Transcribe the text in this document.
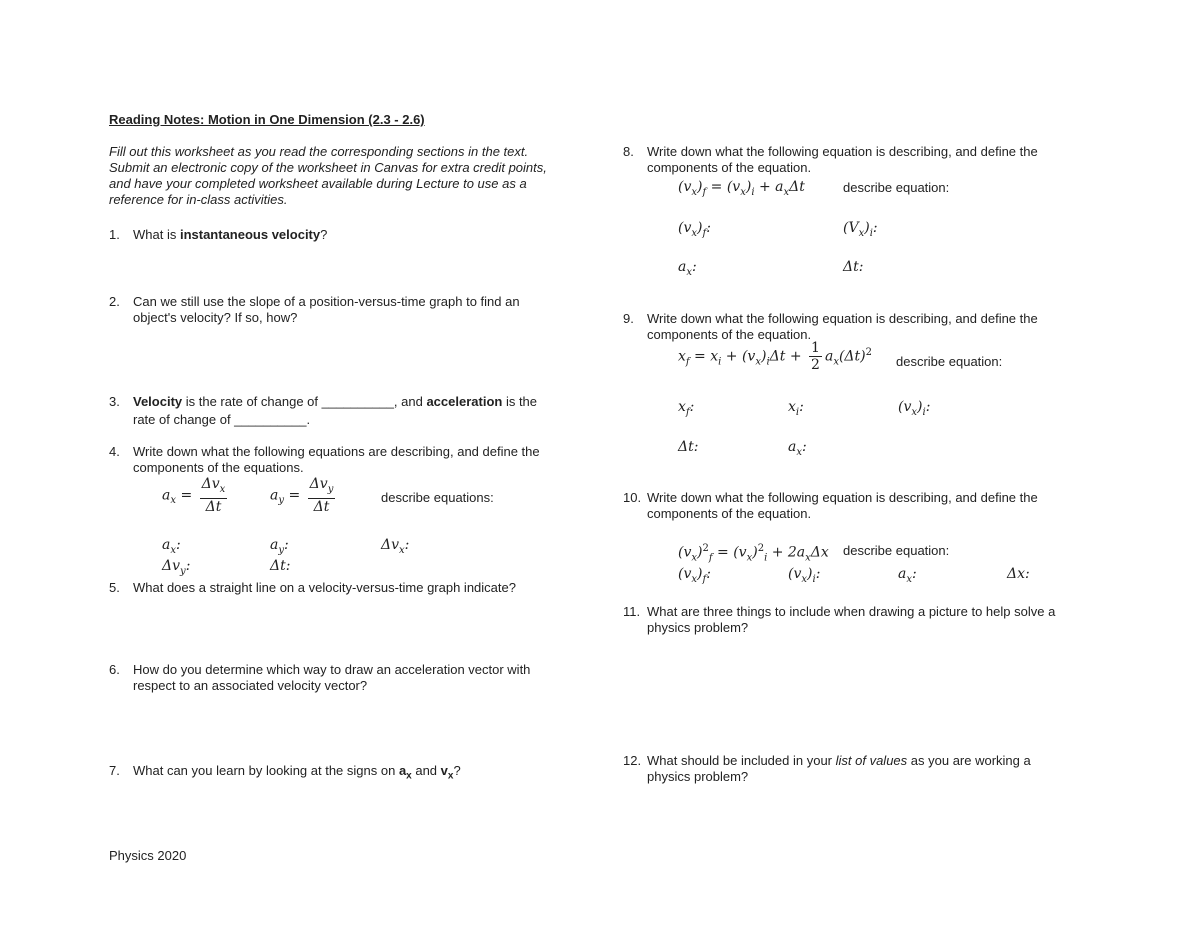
Reading Notes: Motion in One Dimension (2.3 - 2.6)
Fill out this worksheet as you read the corresponding sections in the text.
Submit an electronic copy of the worksheet in Canvas for extra credit points,
and have your completed worksheet available during Lecture to use as a
reference for in-class activities.
1. What is instantaneous velocity?
2. Can we still use the slope of a position-versus-time graph to find an
object's velocity? If so, how?
3. Velocity is the rate of change of __________, and acceleration is the
rate of change of __________.
4. Write down what the following equations are describing, and define the
components of the equations.
$a_x = \frac{\Delta v_x}{\Delta t}$	$a_y = \frac{\Delta v_y}{\Delta t}$	describe equations:
$a_x$:	$a_y$:	$\Delta v_x$:
$\Delta v_y$:	Δt:
5. What does a straight line on a velocity-versus-time graph indicate?
6. How do you determine which way to draw an acceleration vector with
respect to an associated velocity vector?
7. What can you learn by looking at the signs on $a_x$ and $v_x$?
Physics 2020
8. Write down what the following equation is describing, and define the
components of the equation.
$(v_x)_f = (v_x)_i + a_x\Delta t$	describe equation:
$(v_x)_f$:	$(V_x)_i$:
$a_x$:	Δt:
9. Write down what the following equation is describing, and define the
components of the equation.
$x_f = x_i + (v_x)_i\Delta t + \frac{1}{2} a_x(\Delta t)^2$
describe equation:
$x_f$:	$x_i$:	$(v_x)_i$:
Δt:	$a_x$:
10. Write down what the following equation is describing, and define the
components of the equation.
$(v_x)^2_f = (v_x)^2_i + 2a_x\Delta x$ describe equation:
$(v_x)_f$:	$(v_x)_i$:	$a_x$:	Δx:
11. What are three things to include when drawing a picture to help solve a
physics problem?
12. What should be included in your list of values as you are working a
physics problem?
